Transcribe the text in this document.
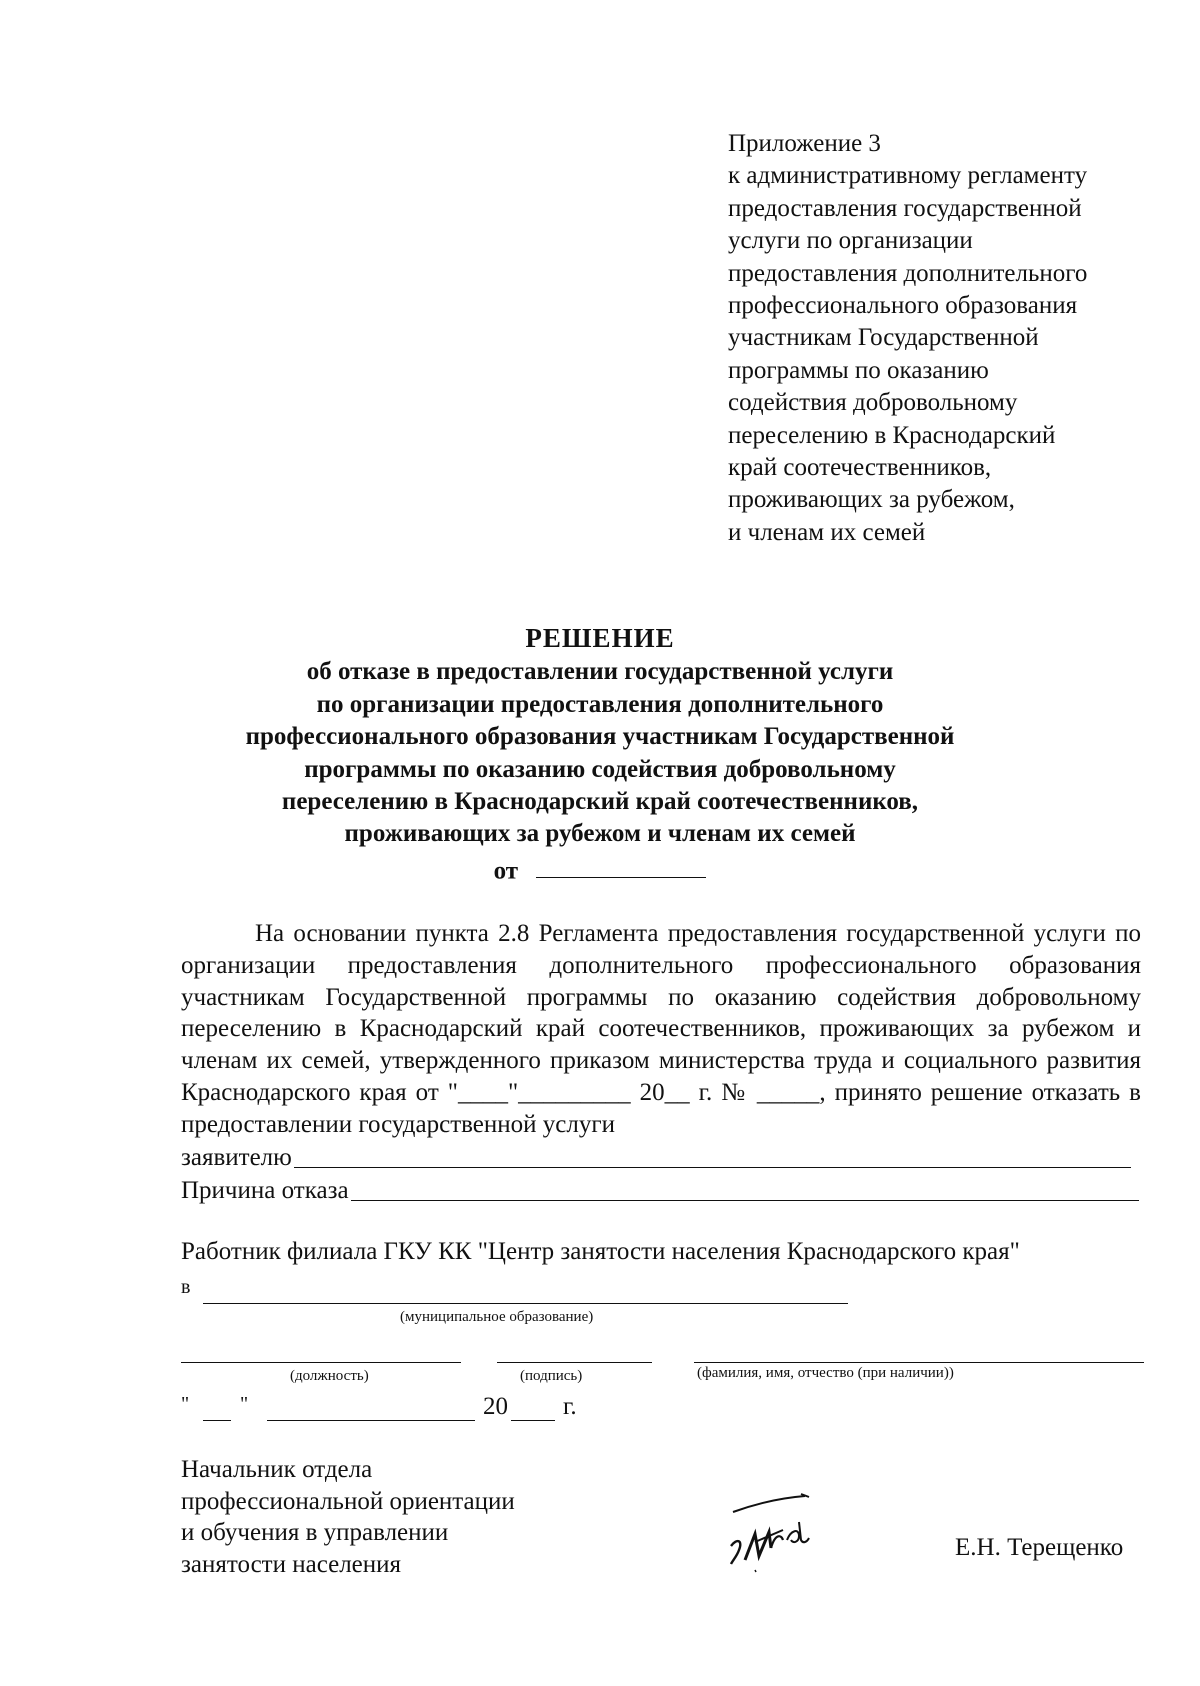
Приложение 3
к административному регламенту
предоставления государственной
услуги по организации
предоставления дополнительного
профессионального образования
участникам Государственной
программы по оказанию
содействия добровольному
переселению в Краснодарский
край соотечественников,
проживающих за рубежом,
и членам их семей
РЕШЕНИЕ
об отказе в предоставлении государственной услуги
по организации предоставления дополнительного
профессионального образования участникам Государственной
программы по оказанию содействия добровольному
переселению в Краснодарский край соотечественников,
проживающих за рубежом и членам их семей
от

На основании пункта 2.8 Регламента предоставления государственной услуги по организации предоставления дополнительного профессионального образования участникам Государственной программы по оказанию содействия добровольному переселению в Краснодарский край соотечественников, проживающих за рубежом и членам их семей, утвержденного приказом министерства труда и социального развития Краснодарского края от "____"_________ 20__ г. № _____, принято решение отказать в предоставлении государственной услуги

заявителю
Причина отказа
Работник филиала ГКУ КК "Центр занятости населения Краснодарского края"
в
(муниципальное образование)
(должность)	(подпись)	(фамилия, имя, отчество (при наличии))
"	"	20 г.
Начальник отдела
профессиональной ориентации
и обучения в управлении
занятости населения
Е.Н. Терещенко
